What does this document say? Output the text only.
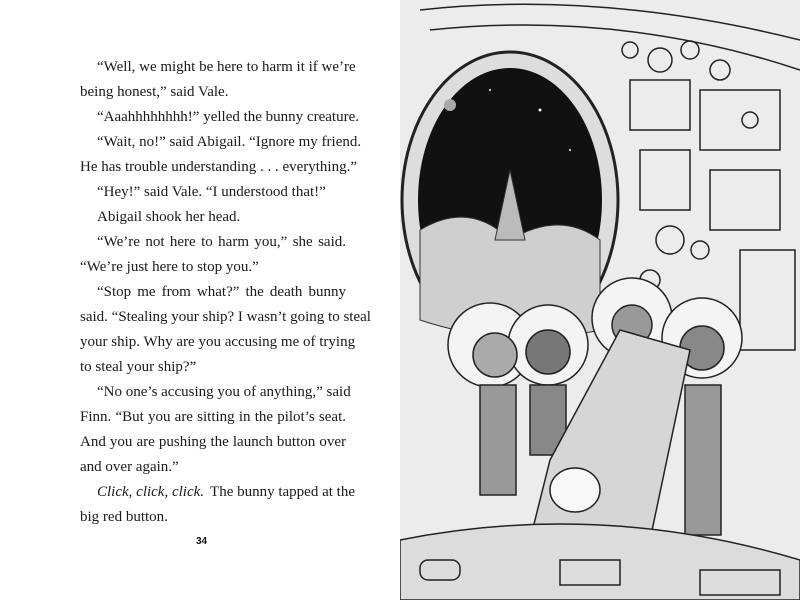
“Well, we might be here to harm it if we’re
being honest,” said Vale.
“Aaahhhhhhhh!” yelled the bunny creature.
“Wait, no!” said Abigail. “Ignore my friend.
He has trouble understanding . . . everything.”
“Hey!” said Vale. “I understood that!”
Abigail shook her head.
“We’re not here to harm you,” she said.
“We’re just here to stop you.”
“Stop me from what?” the death bunny
said. “Stealing your ship? I wasn’t going to steal
your ship. Why are you accusing me of trying
to steal your ship?”
“No one’s accusing you of anything,” said
Finn. “But you are sitting in the pilot’s seat.
And you are pushing the launch button over
and over again.”
Click, click, click. The bunny tapped at the
big red button.
34
